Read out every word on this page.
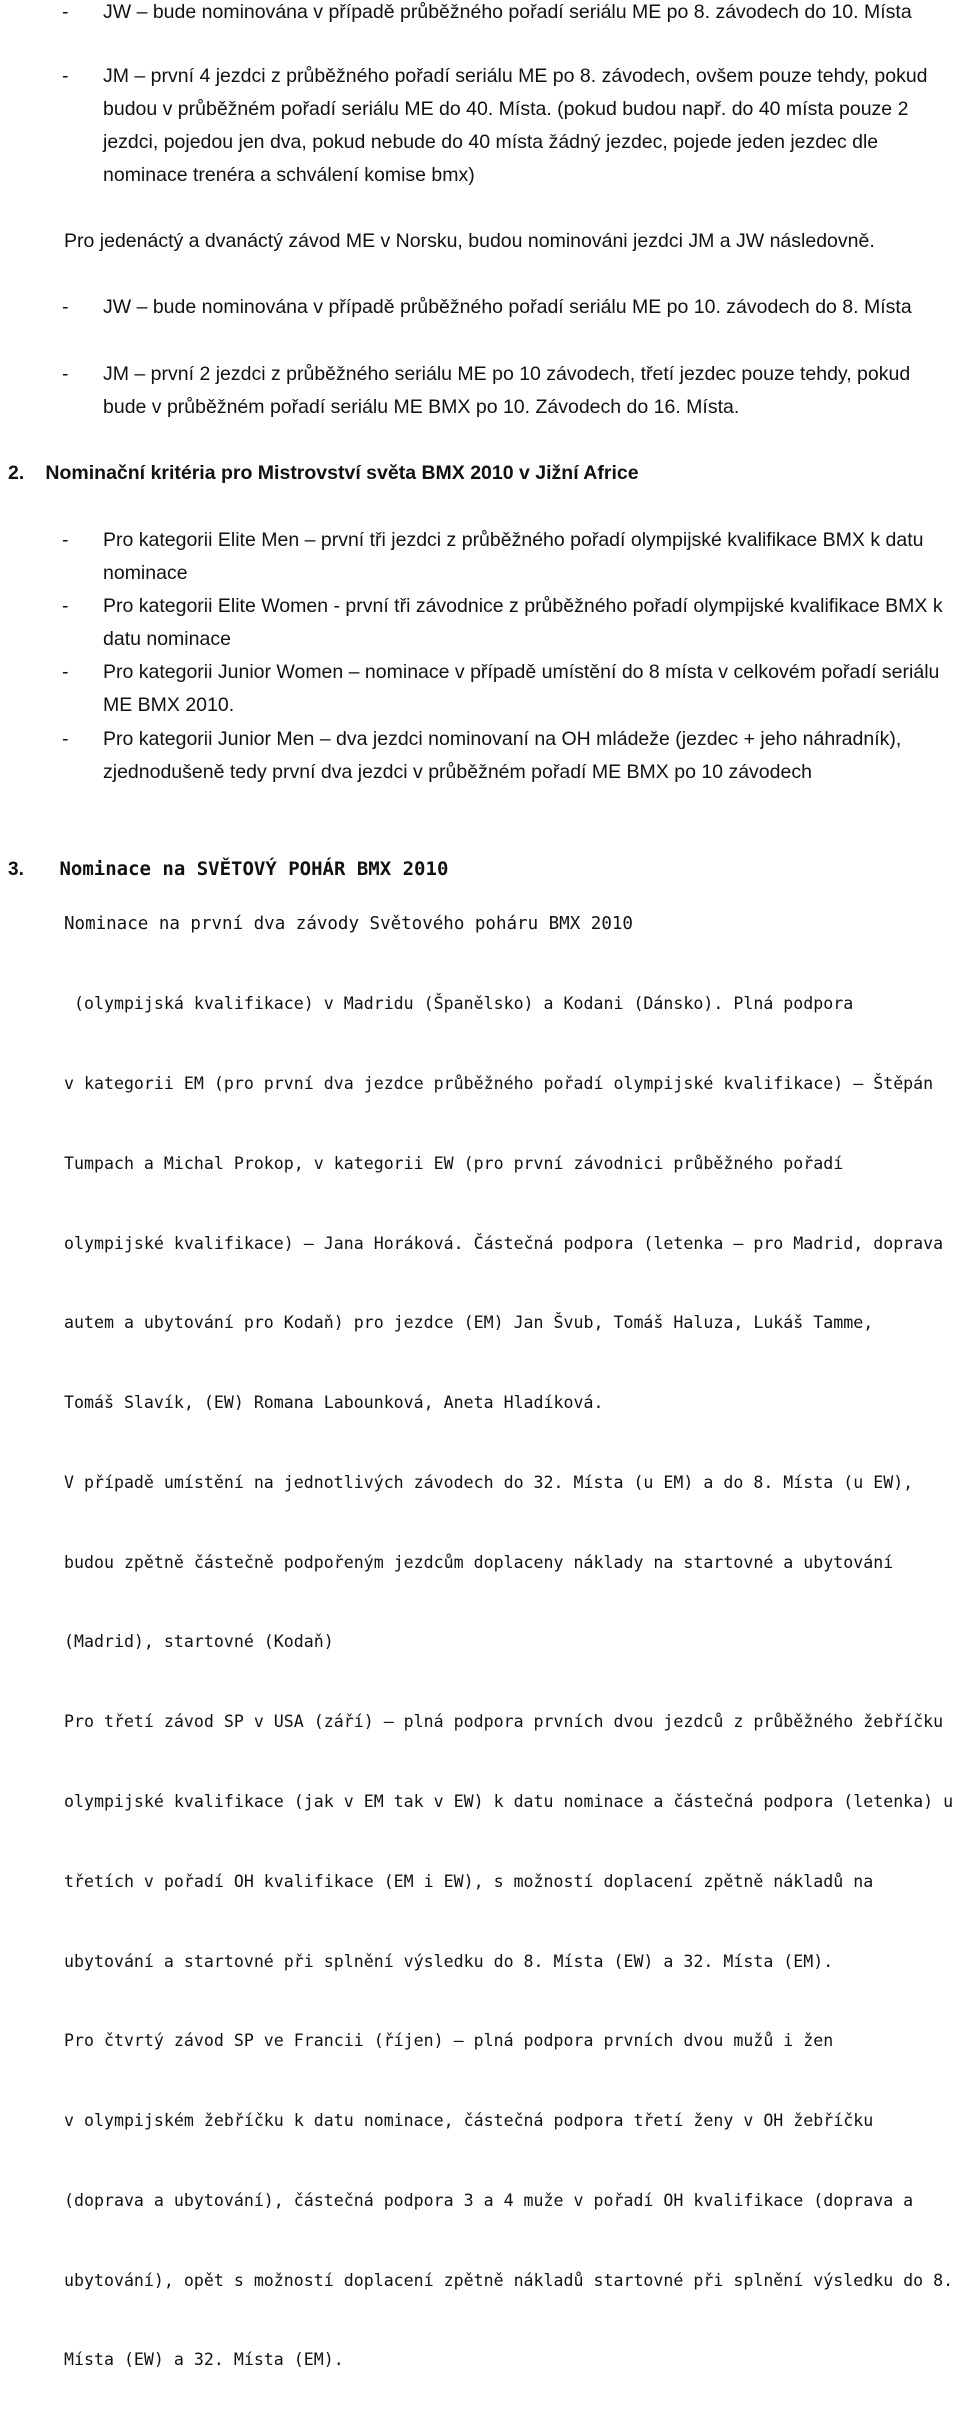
- JW – bude nominována v případě průběžného pořadí seriálu ME po 8. závodech do 10. Místa
- JM – první 4 jezdci z průběžného pořadí seriálu ME po 8. závodech, ovšem pouze tehdy, pokud budou v průběžném pořadí seriálu ME do 40. Místa. (pokud budou např. do 40 místa pouze 2 jezdci, pojedou jen dva, pokud nebude do 40 místa žádný jezdec, pojede jeden jezdec dle nominace trenéra a schválení komise bmx)
Pro jedenáctý a dvanáctý závod ME v Norsku, budou nominováni jezdci JM a JW následovně.
- JW – bude nominována v případě průběžného pořadí seriálu ME po 10. závodech do 8. Místa
- JM – první 2 jezdci z průběžného seriálu ME po 10 závodech, třetí jezdec pouze tehdy, pokud bude v průběžném pořadí seriálu ME BMX po 10. Závodech do 16. Místa.
2. Nominační kritéria pro Mistrovství světa BMX 2010 v Jižní Africe
- Pro kategorii Elite Men – první tři jezdci z průběžného pořadí olympijské kvalifikace BMX k datu nominace
- Pro kategorii Elite Women - první tři závodnice z průběžného pořadí olympijské kvalifikace BMX k datu nominace
- Pro kategorii Junior Women – nominace v případě umístění do 8 místa v celkovém pořadí seriálu ME BMX 2010.
- Pro kategorii Junior Men – dva jezdci nominovaní na OH mládeže (jezdec + jeho náhradník), zjednodušeně tedy první dva jezdci v průběžném pořadí ME BMX po 10 závodech
3. Nominace na SVĚTOVÝ POHÁR BMX 2010
Nominace na první dva závody Světového poháru BMX 2010

(olympijská kvalifikace) v Madridu (Španělsko) a Kodani (Dánsko). Plná podpora

v kategorii EM (pro první dva jezdce průběžného pořadí olympijské kvalifikace) – Štěpán

Tumpach a Michal Prokop, v kategorii EW (pro první závodnici průběžného pořadí

olympijské kvalifikace) – Jana Horáková. Částečná podpora (letenka – pro Madrid, doprava

autem a ubytování pro Kodaň) pro jezdce (EM) Jan Švub, Tomáš Haluza, Lukáš Tamme,

Tomáš Slavík, (EW) Romana Labounková, Aneta Hladíková.

V případě umístění na jednotlivých závodech do 32. Místa (u EM) a do 8. Místa (u EW),

budou zpětně částečně podpořeným jezdcům doplaceny náklady na startovné a ubytování

(Madrid), startovné (Kodaň)

Pro třetí závod SP v USA (září) – plná podpora prvních dvou jezdců z průběžného žebříčku

olympijské kvalifikace (jak v EM tak v EW) k datu nominace a částečná podpora (letenka) u

třetích v pořadí OH kvalifikace (EM i EW), s možností doplacení zpětně nákladů na

ubytování a startovné při splnění výsledku do 8. Místa (EW) a 32. Místa (EM).

Pro čtvrtý závod SP ve Francii (říjen) – plná podpora prvních dvou mužů i žen

v olympijském žebříčku k datu nominace, částečná podpora třetí ženy v OH žebříčku

(doprava a ubytování), částečná podpora 3 a 4 muže v pořadí OH kvalifikace (doprava a

ubytování), opět s možností doplacení zpětně nákladů startovné při splnění výsledku do 8.

Místa (EW) a 32. Místa (EM).
